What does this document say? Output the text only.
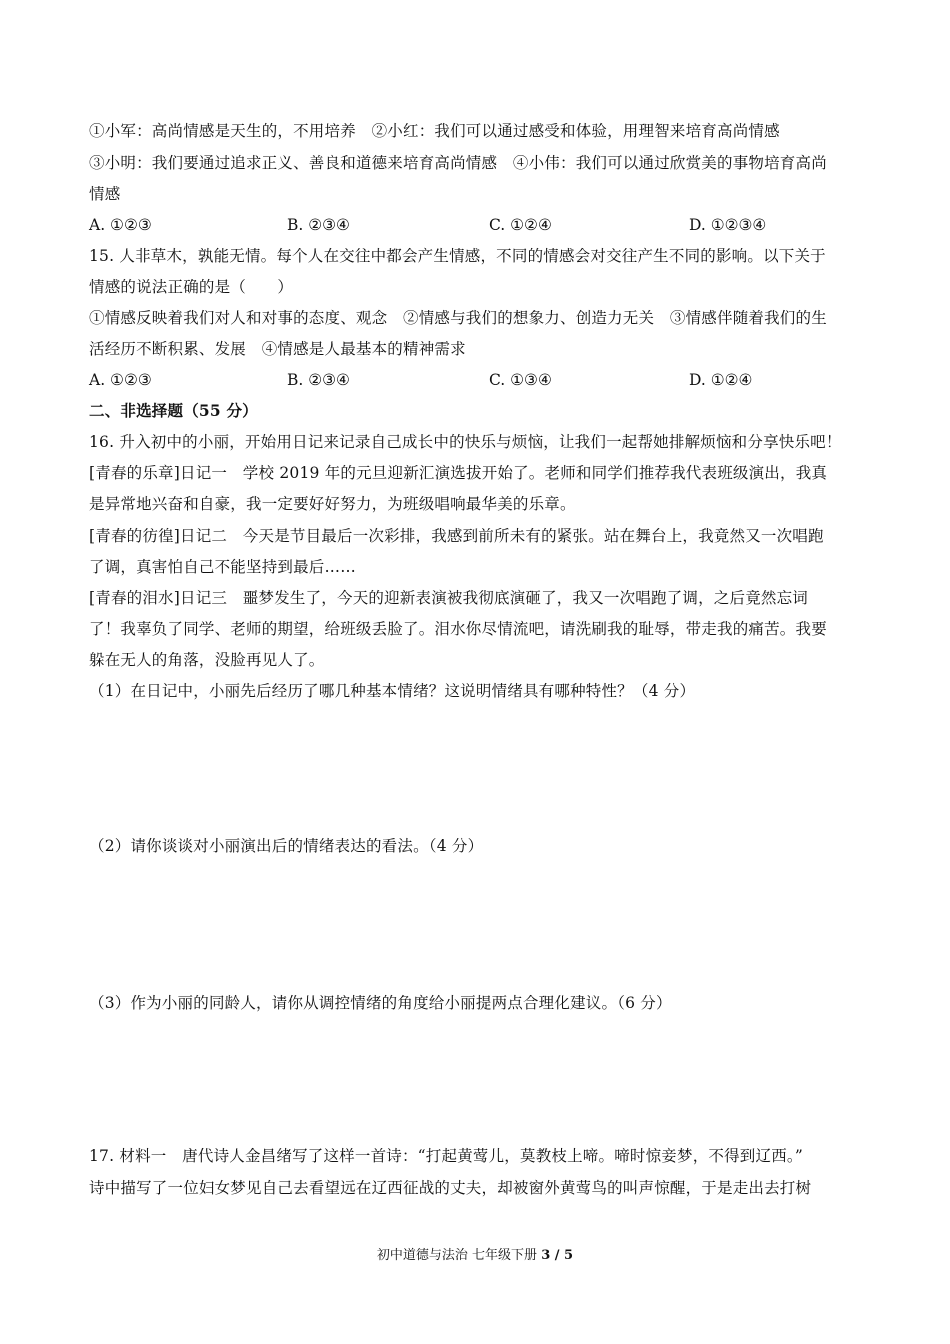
①小军：高尚情感是天生的，不用培养　②小红：我们可以通过感受和体验，用理智来培育高尚情感
③小明：我们要通过追求正义、善良和道德来培育高尚情感　④小伟：我们可以通过欣赏美的事物培育高尚
情感
A. ①②③	B. ②③④	C. ①②④	D. ①②③④
15. 人非草木，孰能无情。每个人在交往中都会产生情感，不同的情感会对交往产生不同的影响。以下关于
情感的说法正确的是（　　）
①情感反映着我们对人和对事的态度、观念　②情感与我们的想象力、创造力无关　③情感伴随着我们的生
活经历不断积累、发展　④情感是人最基本的精神需求
A. ①②③	B. ②③④	C. ①③④	D. ①②④
二、非选择题（55 分）
16. 升入初中的小丽，开始用日记来记录自己成长中的快乐与烦恼，让我们一起帮她排解烦恼和分享快乐吧！
[青春的乐章]日记一　学校 2019 年的元旦迎新汇演选拔开始了。老师和同学们推荐我代表班级演出，我真
是异常地兴奋和自豪，我一定要好好努力，为班级唱响最华美的乐章。
[青春的彷徨]日记二　今天是节目最后一次彩排，我感到前所未有的紧张。站在舞台上，我竟然又一次唱跑
了调，真害怕自己不能坚持到最后……
[青春的泪水]日记三　噩梦发生了，今天的迎新表演被我彻底演砸了，我又一次唱跑了调，之后竟然忘词
了！我辜负了同学、老师的期望，给班级丢脸了。泪水你尽情流吧，请洗刷我的耻辱，带走我的痛苦。我要
躲在无人的角落，没脸再见人了。
（1）在日记中，小丽先后经历了哪几种基本情绪？这说明情绪具有哪种特性？（4 分）
（2）请你谈谈对小丽演出后的情绪表达的看法。（4 分）
（3）作为小丽的同龄人，请你从调控情绪的角度给小丽提两点合理化建议。（6 分）
17. 材料一　唐代诗人金昌绪写了这样一首诗：“打起黄莺儿，莫教枝上啼。啼时惊妾梦，不得到辽西。”
诗中描写了一位妇女梦见自己去看望远在辽西征战的丈夫，却被窗外黄莺鸟的叫声惊醒，于是走出去打树
初中道德与法治 七年级下册 3 / 5
